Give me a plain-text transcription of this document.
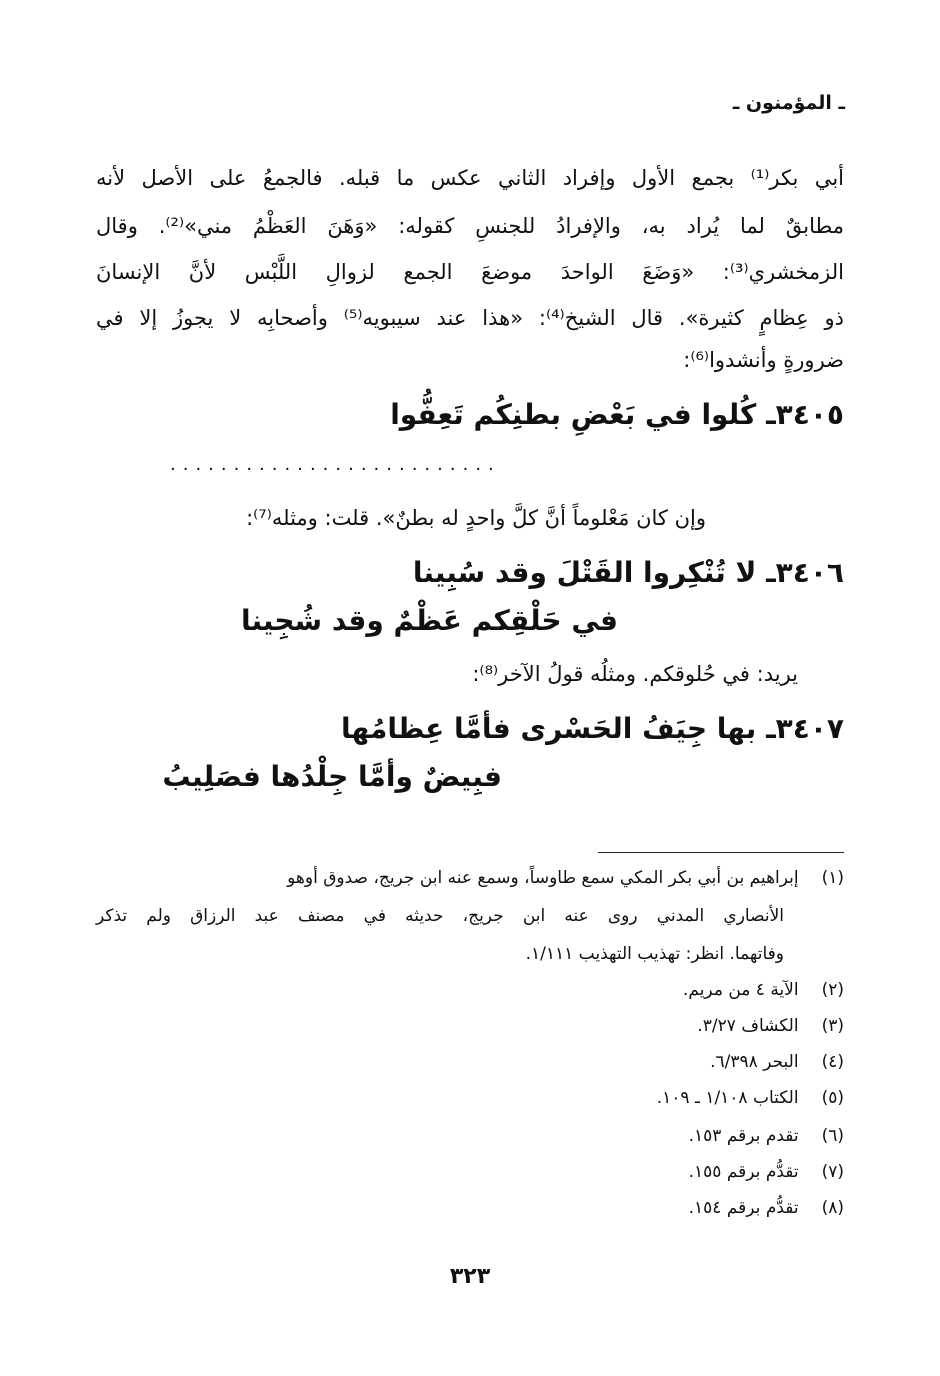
ـ المؤمنون ـ
أبي بكر⁽¹⁾ بجمع الأول وإفراد الثاني عكس ما قبله. فالجمعُ على الأصل لأنه
مطابقٌ لما يُراد به، والإفرادُ للجنسِ كقوله: «وَهَنَ العَظْمُ مني»⁽²⁾. وقال
الزمخشري⁽³⁾: «وَضَعَ الواحدَ موضعَ الجمع لزوالِ اللَّبْس لأنَّ الإنسانَ
ذو عِظامٍ كثيرة». قال الشيخ⁽⁴⁾: «هذا عند سيبويه⁽⁵⁾ وأصحابِه لا يجوزُ إلا في
ضرورةٍ وأنشدوا⁽⁶⁾:
٣٤٠٥ـ كُلوا في بَعْضِ بطنِكُم تَعِفُّوا
..........................
وإن كان مَعْلوماً أنَّ كلَّ واحدٍ له بطنٌ». قلت: ومثله⁽⁷⁾:
٣٤٠٦ـ لا تُنْكِروا القَتْلَ وقد سُبِينا
في حَلْقِكم عَظْمٌ وقد شُجِينا
يريد: في حُلوقكم. ومثلُه قولُ الآخر⁽⁸⁾:
٣٤٠٧ـ بها جِيَفُ الحَسْرى فأمَّا عِظامُها
فبِيضٌ وأمَّا جِلْدُها فصَلِيبُ
(١) إبراهيم بن أبي بكر المكي سمع طاوساً، وسمع عنه ابن جريج، صدوق أوهو
الأنصاري المدني روى عنه ابن جريج، حديثه في مصنف عبد الرزاق ولم تذكر
وفاتهما. انظر: تهذيب التهذيب ١/١١١.
(٢) الآية ٤ من مريم.
(٣) الكشاف ٣/٢٧.
(٤) البحر ٦/٣٩٨.
(٥) الكتاب ١/١٠٨ ـ ١٠٩.
(٦) تقدم برقم ١٥٣.
(٧) تقدُّم برقم ١٥٥.
(٨) تقدُّم برقم ١٥٤.
٣٢٣
